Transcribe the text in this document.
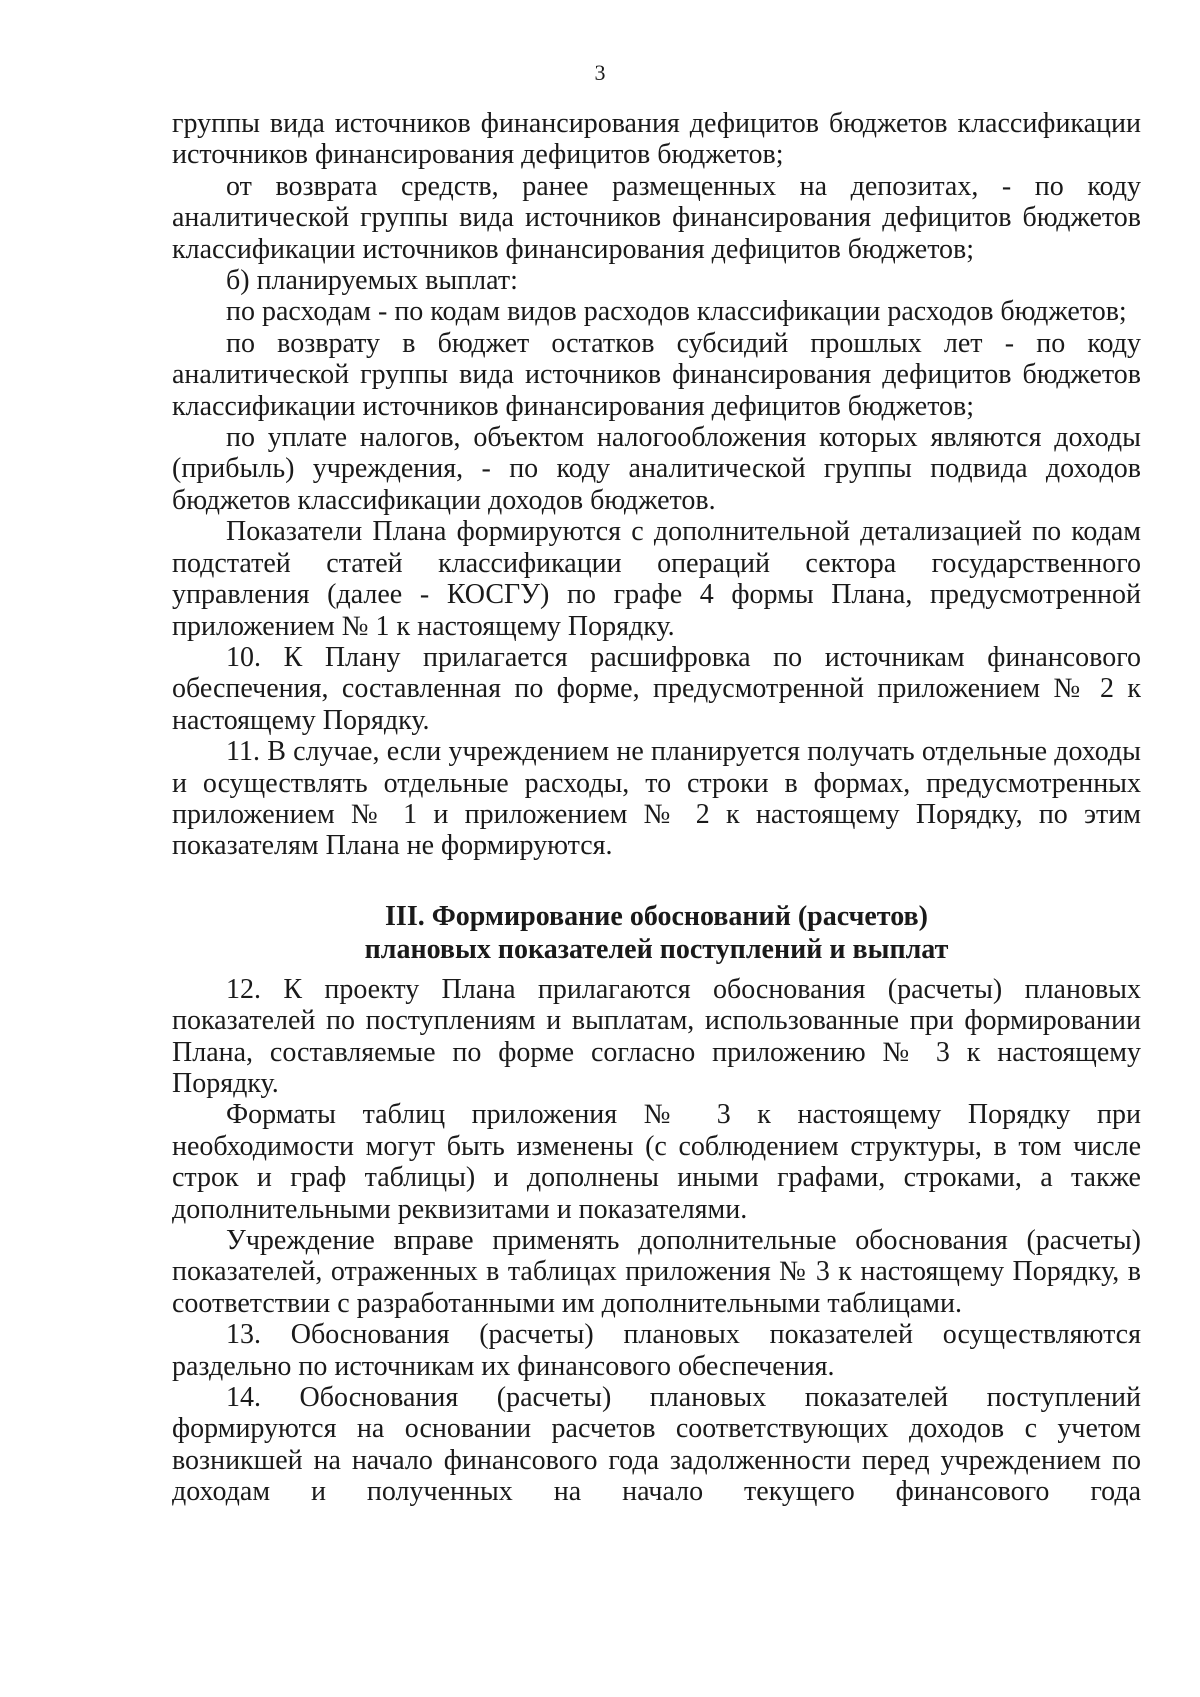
3

группы вида источников финансирования дефицитов бюджетов классификации источников финансирования дефицитов бюджетов;

от возврата средств, ранее размещенных на депозитах, - по коду аналитической группы вида источников финансирования дефицитов бюджетов классификации источников финансирования дефицитов бюджетов;

б) планируемых выплат:

по расходам - по кодам видов расходов классификации расходов бюджетов;

по возврату в бюджет остатков субсидий прошлых лет - по коду аналитической группы вида источников финансирования дефицитов бюджетов классификации источников финансирования дефицитов бюджетов;

по уплате налогов, объектом налогообложения которых являются доходы (прибыль) учреждения, - по коду аналитической группы подвида доходов бюджетов классификации доходов бюджетов.

Показатели Плана формируются с дополнительной детализацией по кодам подстатей статей классификации операций сектора государственного управления (далее - КОСГУ) по графе 4 формы Плана, предусмотренной приложением № 1 к настоящему Порядку.

10. К Плану прилагается расшифровка по источникам финансового обеспечения, составленная по форме, предусмотренной приложением № 2 к настоящему Порядку.

11. В случае, если учреждением не планируется получать отдельные доходы и осуществлять отдельные расходы, то строки в формах, предусмотренных приложением № 1 и приложением № 2 к настоящему Порядку, по этим показателям Плана не формируются.

III. Формирование обоснований (расчетов)
плановых показателей поступлений и выплат

12. К проекту Плана прилагаются обоснования (расчеты) плановых показателей по поступлениям и выплатам, использованные при формировании Плана, составляемые по форме согласно приложению № 3 к настоящему Порядку.

Форматы таблиц приложения № 3 к настоящему Порядку при необходимости могут быть изменены (с соблюдением структуры, в том числе строк и граф таблицы) и дополнены иными графами, строками, а также дополнительными реквизитами и показателями.

Учреждение вправе применять дополнительные обоснования (расчеты) показателей, отраженных в таблицах приложения № 3 к настоящему Порядку, в соответствии с разработанными им дополнительными таблицами.

13. Обоснования (расчеты) плановых показателей осуществляются раздельно по источникам их финансового обеспечения.

14. Обоснования (расчеты) плановых показателей поступлений формируются на основании расчетов соответствующих доходов с учетом возникшей на начало финансового года задолженности перед учреждением по доходам и полученных на начало текущего финансового года
